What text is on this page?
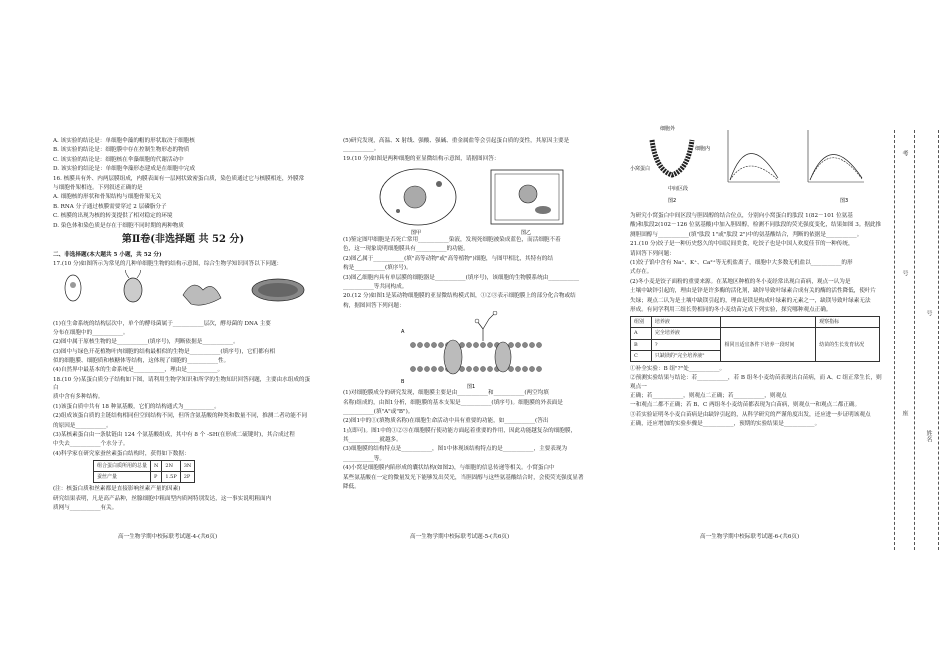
A. 该实验的结论是：单细胞伞藻的帽的形状取决于细胞核

B. 该实验的结论是：细胞膜中存在控制生物形态的物质

C. 该实验的结论是：细胞核在伞藻细胞的代谢活动中

D. 该实验的结论是：单细胞伞藻形态建成是在细胞中完成

16. 核膜具有外、内两层膜组成，内膜表面有一层网状致密蛋白质，染色质通过它与核膜相连，外膜常

与细胞骨架相连。下列叙述正确的是

A. 细胞核的形状和骨架结构与细胞骨架无关

B. RNA 分子通过核膜需要穿过 2 层磷脂分子

C. 核膜的出现为核的转变提供了相对稳定的环境

D. 染色体和染色质是存在于细胞不同时期的两种物质

第Ⅱ卷(非选择题 共 52 分)

二、非选择题(本大题共 5 小题，共 52 分)

17.(10 分)如图所示为常见的几种单细胞生物的结构示意图，综合生物学知识回答以下问题：

(1)在生命系统的结构层次中，单个的酵母菌属于___________层次，酵母菌的 DNA 主要

分布在细胞中的___________。

(2)图中属于原核生物的是___________(填序号)，判断依据是___________。

(3)图中与绿色开花植物叶肉细胞的结构最相似的生物是___________(填序号)，它们都有相

似的细胞膜、细胞质和核糖体等结构，这体现了细胞的___________性。

(4)自然界中最基本的生命系统是___________，理由是___________。

18.(10 分)某蛋白质分子结构如下图，请利用生物学知识和所学的生物知识回答问题，主要由水组成的蛋白

质中含有多种结构。

(1)该蛋白质中共有 18 种氨基酸，它们的结构通式为___________。

(2)组成该蛋白质的主链结构相同但空间结构不同，但所含氨基酸的种类和数量不同，推测二者功能不同

的原因是___________。

(3)某核素蛋白由一条肽链由 124 个氨基酸组成，其中有 8 个 -SH(在形成二硫键时)，其合成过程

中失去___________个水分子。

(4)科学家在研究家蚕丝素蛋白结构时，获得如下数据：

组合蛋白质所用的总量	N	2N	3N
蚕丝产量	P	1.5P	2P

(注：核蛋白质和丝素都是直接影响丝素产量的因素)

研究结果表明，凡是高产品种，丝腺细胞中粗面型内质网特别发达，这一事实说明粗面内

质网与___________有关。

高一生物学期中校际联考试题-4-(共6页)

(5)研究发现，高温、X 射线、强酸、强碱、重金属盐等会引起蛋白质的变性，其原因主要是___________。

19.(10 分)如图是两种细胞的亚显微结构示意图，请据图回答：

图甲	图乙

(1)鉴定图甲细胞是否死亡常用___________染液，发现死细胞被染成蓝色，而活细胞不着

色，这一现象说明细胞膜具有___________的功能。

(2)图乙属于___________(填"高等动物"或"高等植物")细胞，与图甲相比，其特有的结

构是___________(填序号)。

(3)图乙细胞内具有单层膜的细胞器是___________(填序号)，该细胞的生物膜系统由___________

___________等共同构成。

20.(12 分)如图1是某动物细胞膜的亚显微结构模式图，①②③表示细胞膜上的部分化合物或结

构，据图回答下列问题：

A
B
图1

(1)对细胞膜成分的研究发现，细胞膜主要是由___________和___________(两空均填

名称)组成的，由图1分析，细胞膜的基本支架是___________(填序号)。细胞膜的外表面是

___________(填"A"或"B")。

(2)图1中的①(填物质名称)在细胞生命活动中具有重要的功能，如___________(答出

1点即可)。图1中的①②③在细胞膜行使功能方面起着重要的作用，因此功能越复杂的细胞膜，

其___________就越多。

(3)细胞膜的结构特点是___________，图1中体现该结构特点的是___________，主要表现为

___________等。

(4)小窝是细胞膜内陷形成的囊状结构(如图2)，与细胞的信息传递等相关。小窝蛋白中

某些氨基酸在一定的微量发光下能够发出荧光，当胆固醇与这些氨基酸结合时，会使荧光强度显著

降低。

高一生物学期中校际联考试题-5-(共6页)
小窝蛋白
细胞外
细胞内
中间区段
图2	图3

为研究小窝蛋白中间区段与胆固醇的结合位点，分别向小窝蛋白的肽段 1(82－101 位氨基

酸)和肽段2(102－126 位氨基酸)中加入胆固醇，检测不同肽段的荧光强度变化，结果如图 3。据此推

测胆固醇与___________(填"肽段 1"或"肽段 2")中的氨基酸结合，判断的依据是___________。

21.(10 分)饺子是一种历史悠久的中国民间美食，吃饺子也是中国人欢度佳节的一种传统，

请回答下列问题：

(1)饺子馅中含有 Na⁺、K⁺、Ca²⁺等无机盐离子，细胞中大多数无机盐以___________的形

式存在。

(2)冬小麦是饺子面粉的重要来源。在某地区种植的冬小麦经常出现白苗病，观点一认为是

土壤中缺锌引起的，理由是锌是许多酶的活化剂，缺锌导致叶绿素合成有关的酶的活性降低，使叶片

失绿；观点二认为是土壤中缺镁引起的，理由是镁是构成叶绿素的元素之一，缺镁导致叶绿素无法

形成。有同学利用三组长势相同的冬小麦幼苗完成下列实验，探究哪种观点正确。

组别	培养液		观察指标
A	完全培养液	相同且适宜条件下培养一段时间	幼苗的生长发育状况
B	?		
C	只缺镁的"完全培养液"		

①补全实验：B 组"?"处___________。

②预测实验结果与结论：若___________，若 B 组冬小麦幼苗表现出白苗病，而 A、C 组正常生长，则观点一

正确；若___________，则观点二正确；若___________，则观点

一和观点二都不正确；若 B、C 两组冬小麦幼苗都表现为白苗病，则观点一和观点二都正确。

③若实验证明冬小麦白苗病是由缺锌引起的，从科学研究的严谨角度出发，还应进一步证明该观点

正确，还应增加的实验步骤是___________，预期的实验结果是___________。

高一生物学期中校际联考试题-6-(共6页)
考
号
座
号
姓名
